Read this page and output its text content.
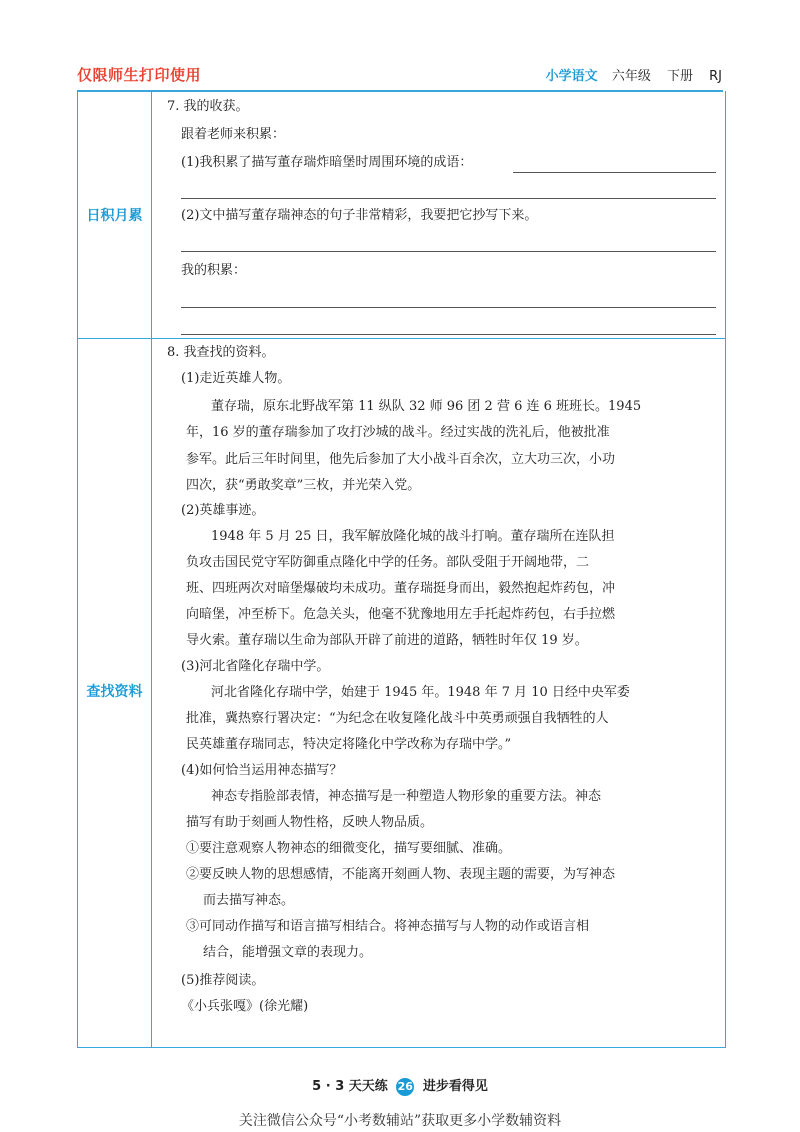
仅限师生打印使用	小学语文 六年级 下册 RJ
日积月累
查找资料
7. 我的收获。
跟着老师来积累：
(1)我积累了描写董存瑞炸暗堡时周围环境的成语：
(2)文中描写董存瑞神态的句子非常精彩，我要把它抄写下来。
我的积累：
8. 我查找的资料。
(1)走近英雄人物。
董存瑞，原东北野战军第 11 纵队 32 师 96 团 2 营 6 连 6 班班长。1945
年，16 岁的董存瑞参加了攻打沙城的战斗。经过实战的洗礼后，他被批准
参军。此后三年时间里，他先后参加了大小战斗百余次，立大功三次，小功
四次，获“勇敢奖章”三枚，并光荣入党。
(2)英雄事迹。
1948 年 5 月 25 日，我军解放隆化城的战斗打响。董存瑞所在连队担
负攻击国民党守军防御重点隆化中学的任务。部队受阻于开阔地带，二
班、四班两次对暗堡爆破均未成功。董存瑞挺身而出，毅然抱起炸药包，冲
向暗堡，冲至桥下。危急关头，他毫不犹豫地用左手托起炸药包，右手拉燃
导火索。董存瑞以生命为部队开辟了前进的道路，牺牲时年仅 19 岁。
(3)河北省隆化存瑞中学。
河北省隆化存瑞中学，始建于 1945 年。1948 年 7 月 10 日经中央军委
批准，冀热察行署决定：“为纪念在收复隆化战斗中英勇顽强自我牺牲的人
民英雄董存瑞同志，特决定将隆化中学改称为存瑞中学。”
(4)如何恰当运用神态描写？
神态专指脸部表情，神态描写是一种塑造人物形象的重要方法。神态
描写有助于刻画人物性格，反映人物品质。
①要注意观察人物神态的细微变化，描写要细腻、准确。
②要反映人物的思想感情，不能离开刻画人物、表现主题的需要，为写神态
而去描写神态。
③可同动作描写和语言描写相结合。将神态描写与人物的动作或语言相
结合，能增强文章的表现力。
(5)推荐阅读。
《小兵张嘎》(徐光耀)
5 · 3 天天练 26 进步看得见
关注微信公众号“小考数辅站”获取更多小学数辅资料
